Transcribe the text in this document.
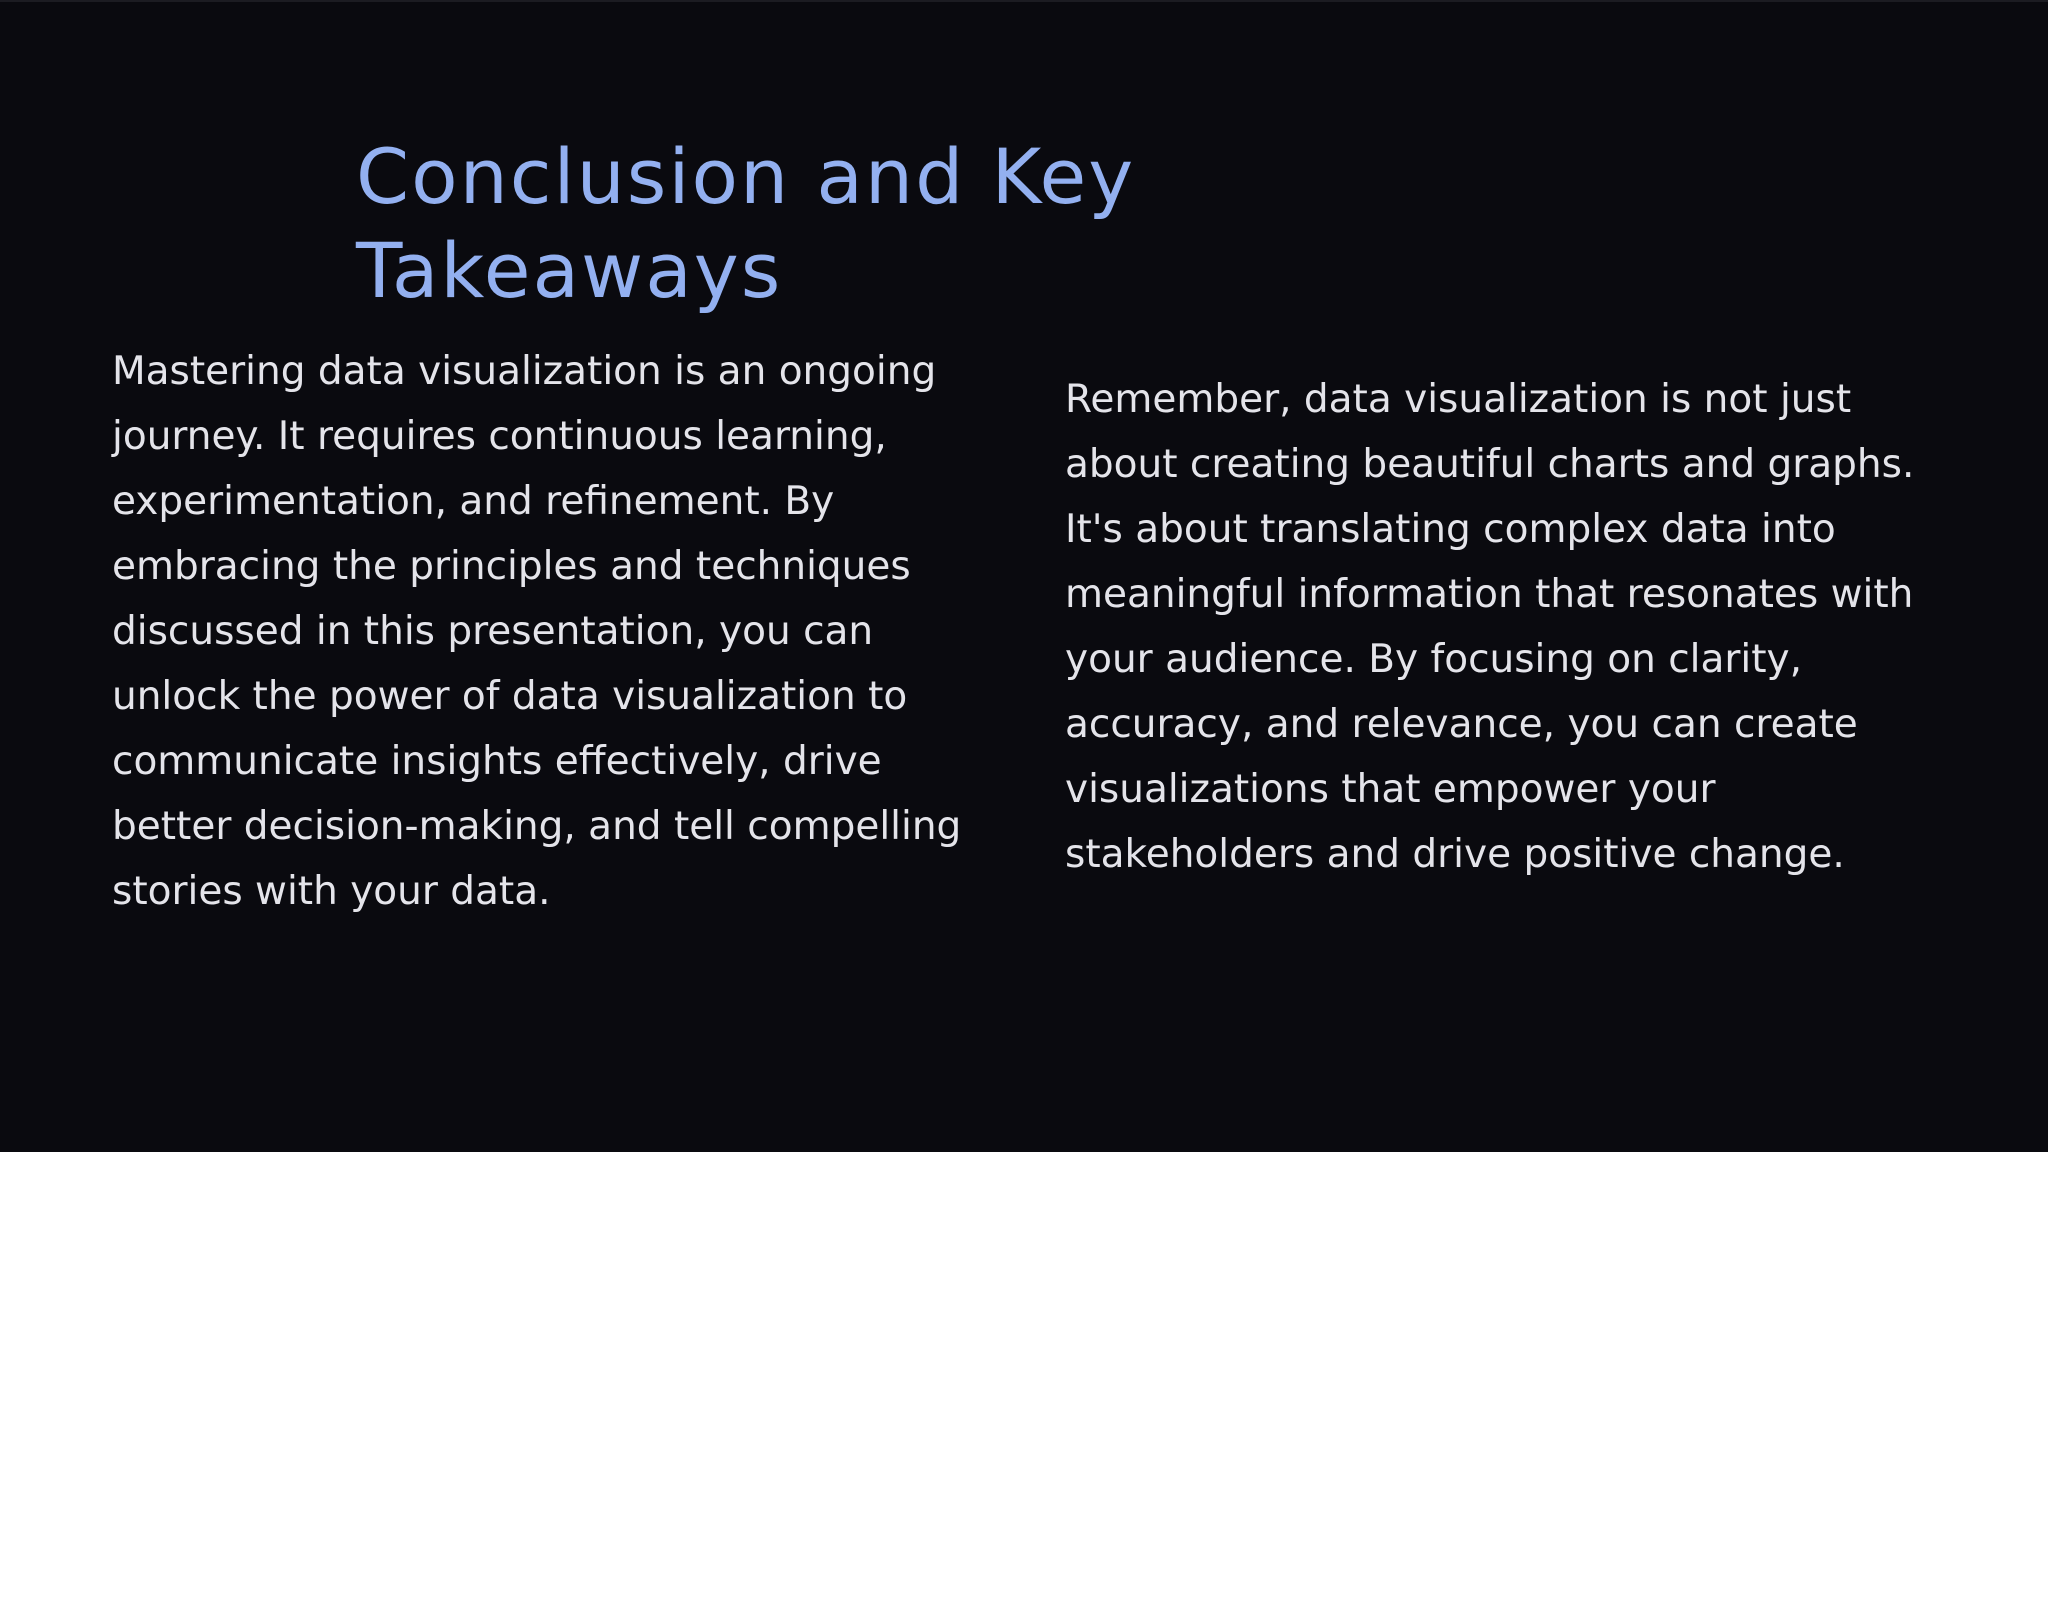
Conclusion and Key
Takeaways

Mastering data visualization is an ongoing
journey. It requires continuous learning,
experimentation, and refinement. By
embracing the principles and techniques
discussed in this presentation, you can
unlock the power of data visualization to
communicate insights effectively, drive
better decision-making, and tell compelling
stories with your data.

Remember, data visualization is not just
about creating beautiful charts and graphs.
It's about translating complex data into
meaningful information that resonates with
your audience. By focusing on clarity,
accuracy, and relevance, you can create
visualizations that empower your
stakeholders and drive positive change.
